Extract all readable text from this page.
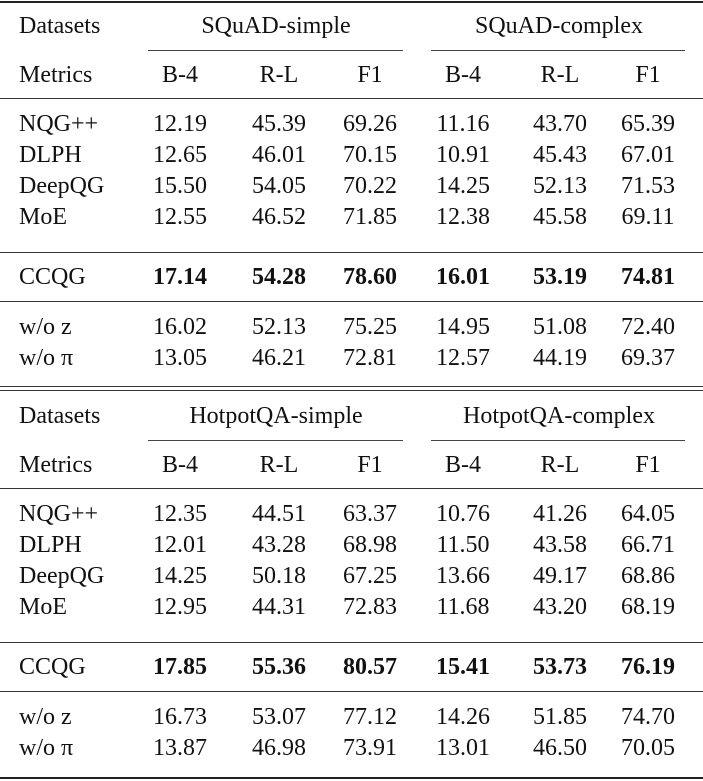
Datasets	SQuAD-simple	SQuAD-complex
Metrics	B-4	R-L	F1	B-4	R-L	F1
NQG++	12.19	45.39	69.26	11.16	43.70	65.39
DLPH	12.65	46.01	70.15	10.91	45.43	67.01
DeepQG	15.50	54.05	70.22	14.25	52.13	71.53
MoE	12.55	46.52	71.85	12.38	45.58	69.11
CCQG	17.14	54.28	78.60	16.01	53.19	74.81
w/o z	16.02	52.13	75.25	14.95	51.08	72.40
w/o π	13.05	46.21	72.81	12.57	44.19	69.37
Datasets	HotpotQA-simple	HotpotQA-complex
Metrics	B-4	R-L	F1	B-4	R-L	F1
NQG++	12.35	44.51	63.37	10.76	41.26	64.05
DLPH	12.01	43.28	68.98	11.50	43.58	66.71
DeepQG	14.25	50.18	67.25	13.66	49.17	68.86
MoE	12.95	44.31	72.83	11.68	43.20	68.19
CCQG	17.85	55.36	80.57	15.41	53.73	76.19
w/o z	16.73	53.07	77.12	14.26	51.85	74.70
w/o π	13.87	46.98	73.91	13.01	46.50	70.05
